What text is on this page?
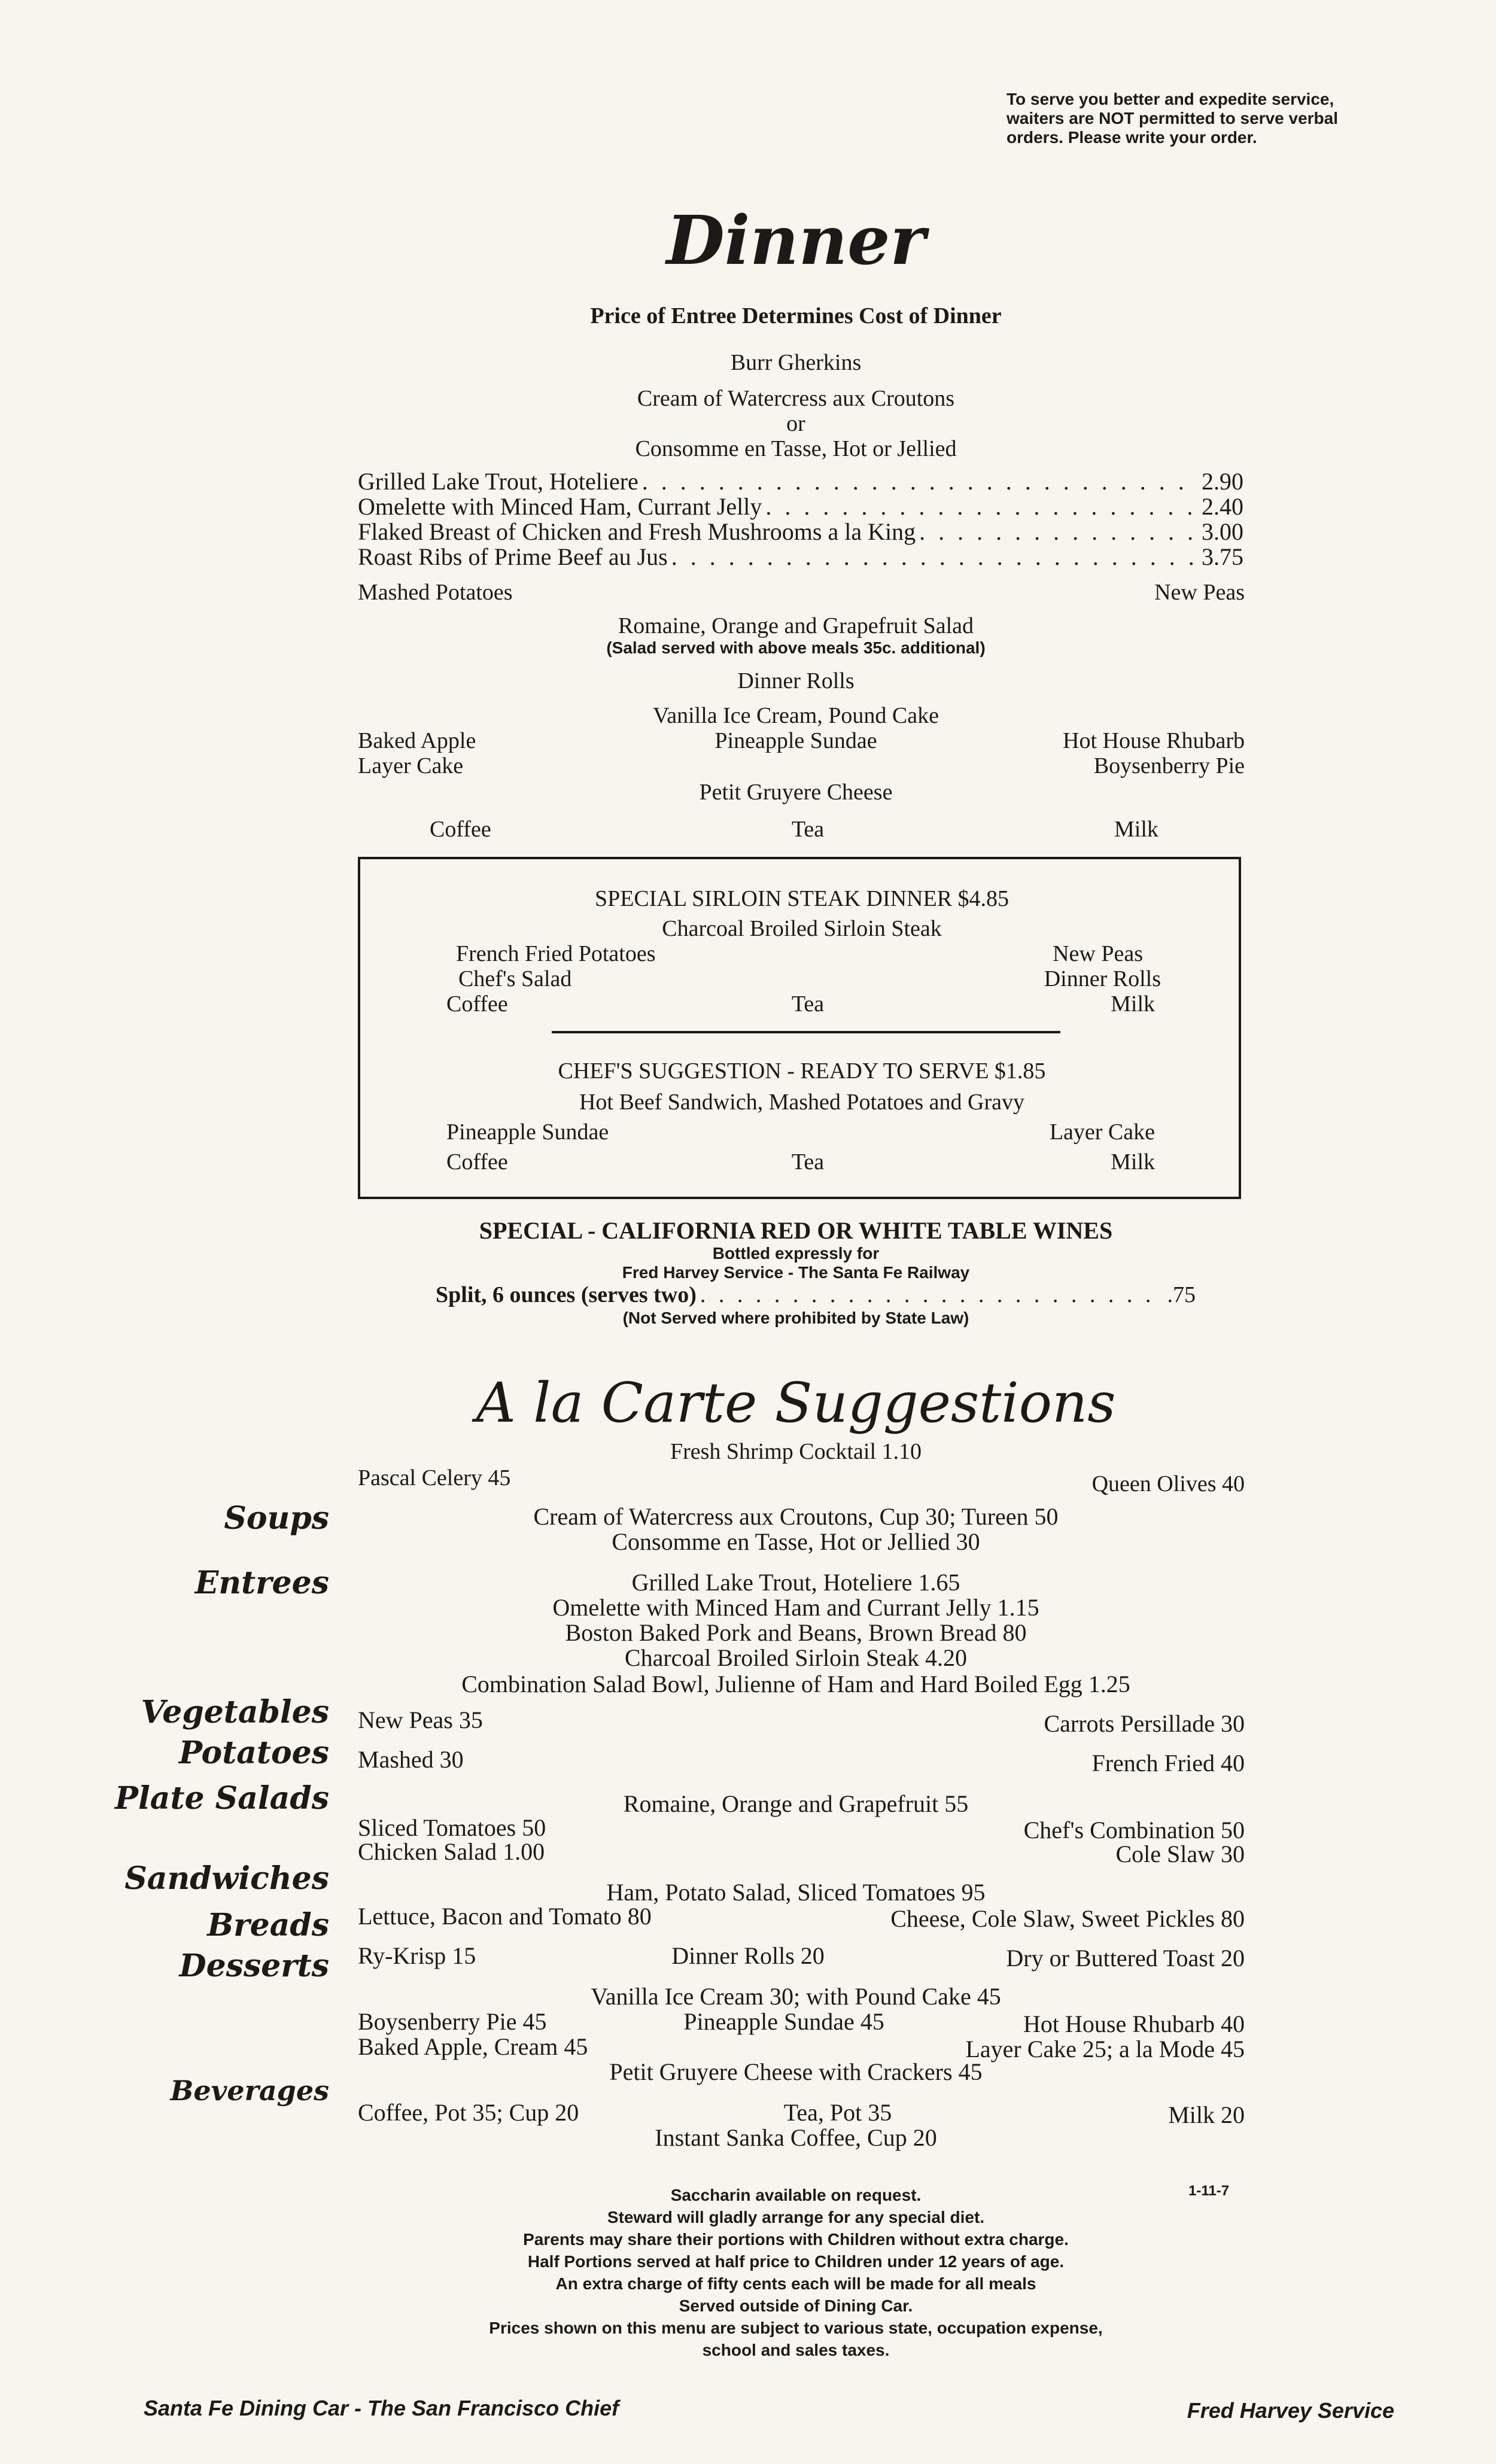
To serve you better and expedite service,
waiters are NOT permitted to serve verbal
orders. Please write your order.
Dinner
Price of Entree Determines Cost of Dinner
Burr Gherkins
Cream of Watercress aux Croutons
or
Consomme en Tasse, Hot or Jellied
Grilled Lake Trout, Hoteliere . . .	2.90
Omelette with Minced Ham, Currant Jelly . . .	2.40
Flaked Breast of Chicken and Fresh Mushrooms a la King . . .	3.00
Roast Ribs of Prime Beef au Jus . . .	3.75
Mashed Potatoes	New Peas
Romaine, Orange and Grapefruit Salad
(Salad served with above meals 35c. additional)
Dinner Rolls
Vanilla Ice Cream, Pound Cake
Pineapple Sundae
Baked Apple
Layer Cake
Hot House Rhubarb
Boysenberry Pie
Petit Gruyere Cheese
Coffee	Tea	Milk
SPECIAL SIRLOIN STEAK DINNER $4.85
Charcoal Broiled Sirloin Steak
French Fried Potatoes
Chef's Salad
New Peas
Dinner Rolls
Coffee	Tea	Milk
CHEF'S SUGGESTION - READY TO SERVE $1.85
Hot Beef Sandwich, Mashed Potatoes and Gravy
Pineapple Sundae	Layer Cake
Coffee	Tea	Milk
SPECIAL - CALIFORNIA RED OR WHITE TABLE WINES
Bottled expressly for
Fred Harvey Service - The Santa Fe Railway
Split, 6 ounces (serves two) . . .	.75
(Not Served where prohibited by State Law)
A la Carte Suggestions
Fresh Shrimp Cocktail 1.10
Pascal Celery 45	Queen Olives 40
Soups
Entrees
Vegetables
Potatoes
Plate Salads
Sandwiches
Breads
Desserts
Beverages
Cream of Watercress aux Croutons, Cup 30; Tureen 50
Consomme en Tasse, Hot or Jellied 30
Grilled Lake Trout, Hoteliere 1.65
Omelette with Minced Ham and Currant Jelly 1.15
Boston Baked Pork and Beans, Brown Bread 80
Charcoal Broiled Sirloin Steak 4.20
Combination Salad Bowl, Julienne of Ham and Hard Boiled Egg 1.25
New Peas 35	Carrots Persillade 30
Mashed 30	French Fried 40
Romaine, Orange and Grapefruit 55
Sliced Tomatoes 50
Chicken Salad 1.00
Chef's Combination 50
Cole Slaw 30
Ham, Potato Salad, Sliced Tomatoes 95
Lettuce, Bacon and Tomato 80	Cheese, Cole Slaw, Sweet Pickles 80
Ry-Krisp 15	Dinner Rolls 20	Dry or Buttered Toast 20
Vanilla Ice Cream 30; with Pound Cake 45
Boysenberry Pie 45	Pineapple Sundae 45	Hot House Rhubarb 40
Baked Apple, Cream 45	Layer Cake 25; a la Mode 45
Petit Gruyere Cheese with Crackers 45
Coffee, Pot 35; Cup 20	Tea, Pot 35	Milk 20
Instant Sanka Coffee, Cup 20
Saccharin available on request.
Steward will gladly arrange for any special diet.
Parents may share their portions with Children without extra charge.
Half Portions served at half price to Children under 12 years of age.
An extra charge of fifty cents each will be made for all meals
Served outside of Dining Car.
Prices shown on this menu are subject to various state, occupation expense,
school and sales taxes.
1-11-7
Santa Fe Dining Car - The San Francisco Chief	Fred Harvey Service
